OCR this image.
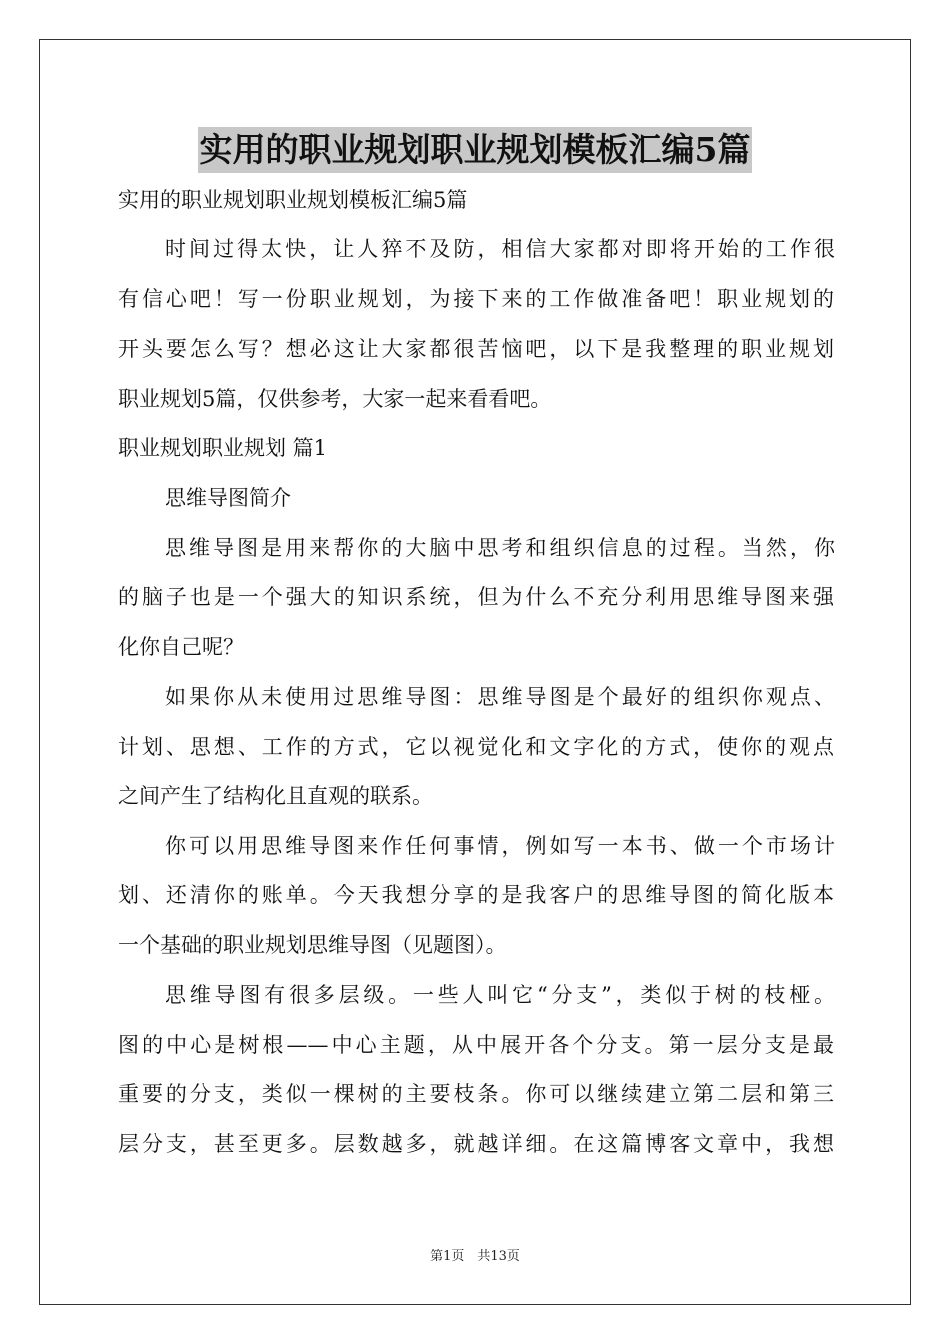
实用的职业规划职业规划模板汇编5篇
实用的职业规划职业规划模板汇编5篇
时间过得太快，让人猝不及防，相信大家都对即将开始的工作很
有信心吧！写一份职业规划，为接下来的工作做准备吧！职业规划的
开头要怎么写？想必这让大家都很苦恼吧，以下是我整理的职业规划
职业规划5篇，仅供参考，大家一起来看看吧。
职业规划职业规划 篇1
思维导图简介
思维导图是用来帮你的大脑中思考和组织信息的过程。当然，你
的脑子也是一个强大的知识系统，但为什么不充分利用思维导图来强
化你自己呢？
如果你从未使用过思维导图：思维导图是个最好的组织你观点、
计划、思想、工作的方式，它以视觉化和文字化的方式，使你的观点
之间产生了结构化且直观的联系。
你可以用思维导图来作任何事情，例如写一本书、做一个市场计
划、还清你的账单。今天我想分享的是我客户的思维导图的简化版本
一个基础的职业规划思维导图（见题图）。
思维导图有很多层级。一些人叫它“分支”，类似于树的枝桠。
图的中心是树根——中心主题，从中展开各个分支。第一层分支是最
重要的分支，类似一棵树的主要枝条。你可以继续建立第二层和第三
层分支，甚至更多。层数越多，就越详细。在这篇博客文章中，我想
第1页　共13页
